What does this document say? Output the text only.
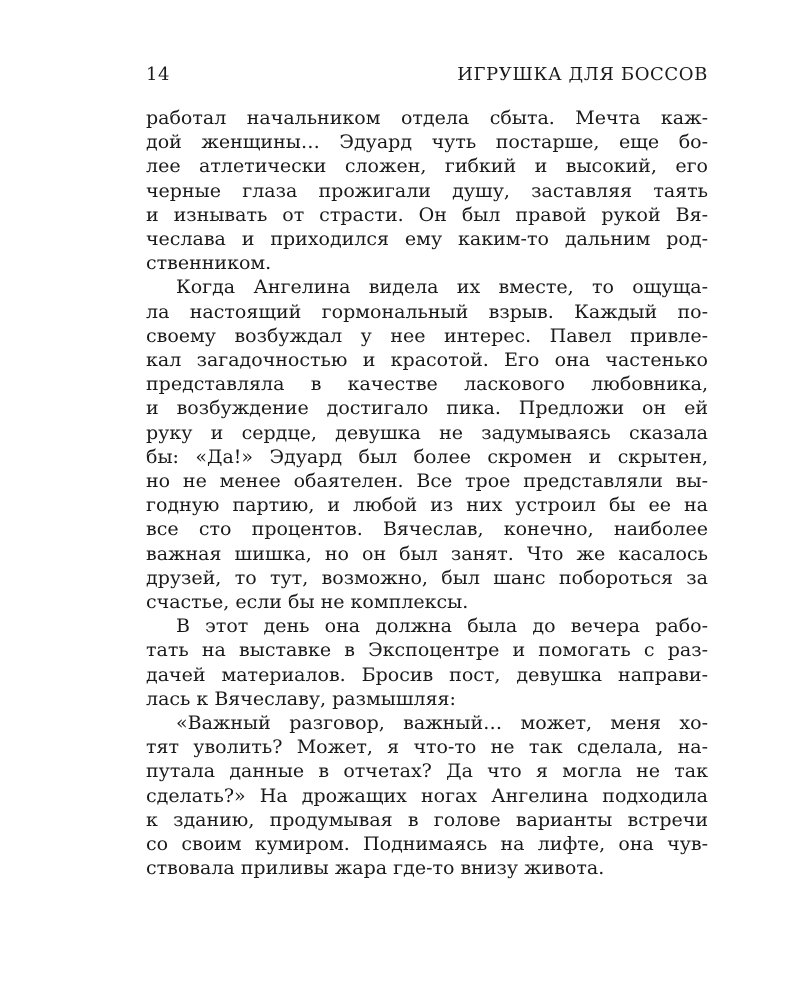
14	ИГРУШКА ДЛЯ БОССОВ
работал начальником отдела сбыта. Мечта каж-
дой женщины… Эдуард чуть постарше, еще бо-
лее атлетически сложен, гибкий и высокий, его
черные глаза прожигали душу, заставляя таять
и изнывать от страсти. Он был правой рукой Вя-
чеслава и приходился ему каким-то дальним род-
ственником.
Когда Ангелина видела их вместе, то ощуща-
ла настоящий гормональный взрыв. Каждый по-
своему возбуждал у нее интерес. Павел привле-
кал загадочностью и красотой. Его она частенько
представляла в качестве ласкового любовника,
и возбуждение достигало пика. Предложи он ей
руку и сердце, девушка не задумываясь сказала
бы: «Да!» Эдуард был более скромен и скрытен,
но не менее обаятелен. Все трое представляли вы-
годную партию, и любой из них устроил бы ее на
все сто процентов. Вячеслав, конечно, наиболее
важная шишка, но он был занят. Что же касалось
друзей, то тут, возможно, был шанс побороться за
счастье, если бы не комплексы.
В этот день она должна была до вечера рабо-
тать на выставке в Экспоцентре и помогать с раз-
дачей материалов. Бросив пост, девушка направи-
лась к Вячеславу, размышляя:
«Важный разговор, важный… может, меня хо-
тят уволить? Может, я что-то не так сделала, на-
путала данные в отчетах? Да что я могла не так
сделать?» На дрожащих ногах Ангелина подходила
к зданию, продумывая в голове варианты встречи
со своим кумиром. Поднимаясь на лифте, она чув-
ствовала приливы жара где-то внизу живота.
